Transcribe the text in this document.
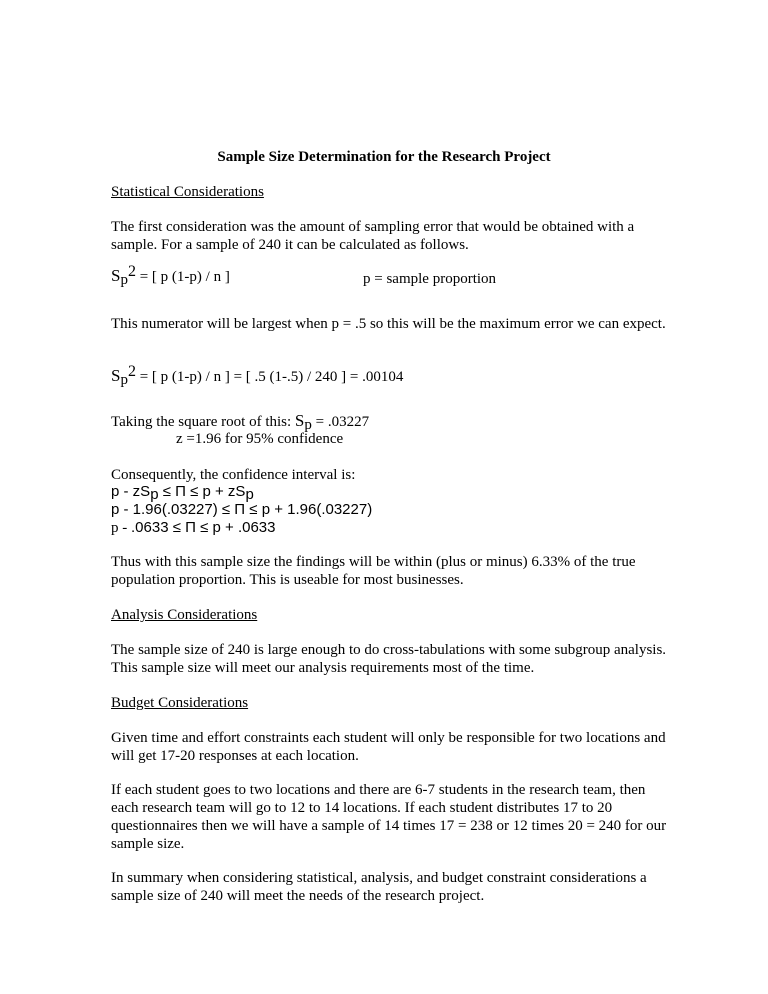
Sample Size Determination for the Research Project

Statistical Considerations

The first consideration was the amount of sampling error that would be obtained with a sample. For a sample of 240 it can be calculated as follows.

$S_p^2$ = [ p (1-p) / n ]	p = sample proportion

This numerator will be largest when p = .5 so this will be the maximum error we can expect.

$S_p^2$ = [ p (1-p) / n ] = [ .5 (1-.5) / 240 ] = .00104

Taking the square root of this: $S_p = .03227$

z =1.96 for 95% confidence

Consequently, the confidence interval is:

$p - zS_p \le \Pi \le p + zS_p$

p - 1.96(.03227) ≤ Π ≤ p + 1.96(.03227)

p - .0633 ≤ Π ≤ p + .0633

Thus with this sample size the findings will be within (plus or minus) 6.33% of the true population proportion. This is useable for most businesses.

Analysis Considerations

The sample size of 240 is large enough to do cross-tabulations with some subgroup analysis. This sample size will meet our analysis requirements most of the time.

Budget Considerations

Given time and effort constraints each student will only be responsible for two locations and will get 17-20 responses at each location.

If each student goes to two locations and there are 6-7 students in the research team, then each research team will go to 12 to 14 locations. If each student distributes 17 to 20 questionnaires then we will have a sample of 14 times 17 = 238 or 12 times 20 = 240 for our sample size.

In summary when considering statistical, analysis, and budget constraint considerations a sample size of 240 will meet the needs of the research project.
